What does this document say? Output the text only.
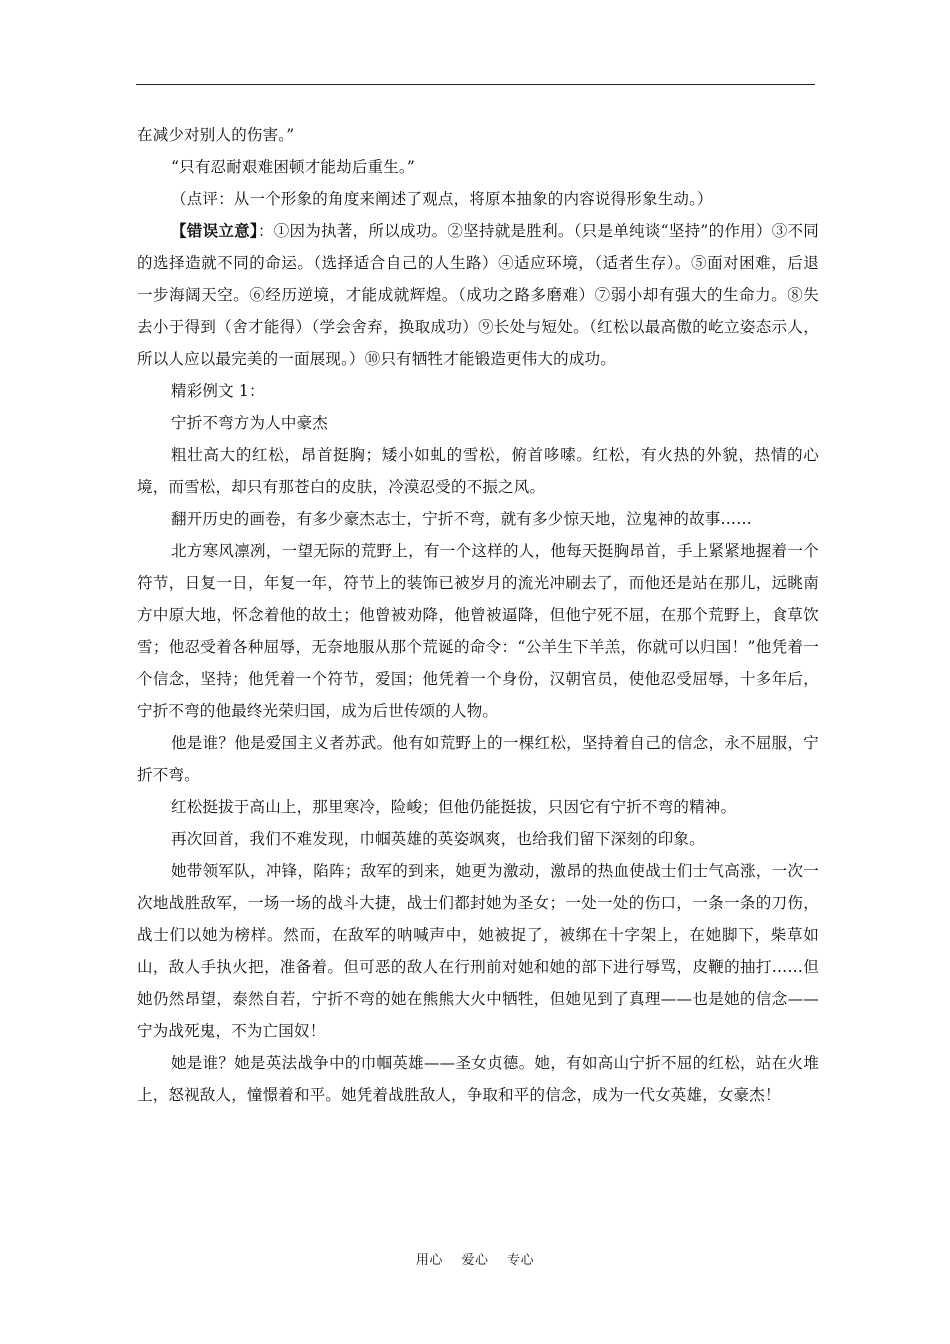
在减少对别人的伤害。”

“只有忍耐艰难困顿才能劫后重生。”

（点评：从一个形象的角度来阐述了观点，将原本抽象的内容说得形象生动。）

【错误立意】：①因为执著，所以成功。②坚持就是胜利。（只是单纯谈“坚持”的作用）③不同的选择造就不同的命运。（选择适合自己的人生路）④适应环境，（适者生存）。⑤面对困难，后退一步海阔天空。⑥经历逆境，才能成就辉煌。（成功之路多磨难）⑦弱小却有强大的生命力。⑧失去小于得到（舍才能得）（学会舍弃，换取成功）⑨长处与短处。（红松以最高傲的屹立姿态示人，所以人应以最完美的一面展现。）⑩只有牺牲才能锻造更伟大的成功。

精彩例文 1：

宁折不弯方为人中豪杰

粗壮高大的红松，昂首挺胸；矮小如虬的雪松，俯首哆嗦。红松，有火热的外貌，热情的心境，而雪松，却只有那苍白的皮肤，冷漠忍受的不振之风。

翻开历史的画卷，有多少豪杰志士，宁折不弯，就有多少惊天地，泣鬼神的故事……

北方寒风凛冽，一望无际的荒野上，有一个这样的人，他每天挺胸昂首，手上紧紧地握着一个符节，日复一日，年复一年，符节上的装饰已被岁月的流光冲刷去了，而他还是站在那儿，远眺南方中原大地，怀念着他的故土；他曾被劝降，他曾被逼降，但他宁死不屈，在那个荒野上，食草饮雪；他忍受着各种屈辱，无奈地服从那个荒诞的命令：“公羊生下羊羔，你就可以归国！”他凭着一个信念，坚持；他凭着一个符节，爱国；他凭着一个身份，汉朝官员，使他忍受屈辱，十多年后，宁折不弯的他最终光荣归国，成为后世传颂的人物。

他是谁？他是爱国主义者苏武。他有如荒野上的一棵红松，坚持着自己的信念，永不屈服，宁折不弯。

红松挺拔于高山上，那里寒冷，险峻；但他仍能挺拔，只因它有宁折不弯的精神。

再次回首，我们不难发现，巾帼英雄的英姿飒爽，也给我们留下深刻的印象。

她带领军队，冲锋，陷阵；敌军的到来，她更为激动，激昂的热血使战士们士气高涨，一次一次地战胜敌军，一场一场的战斗大捷，战士们都封她为圣女；一处一处的伤口，一条一条的刀伤，战士们以她为榜样。然而，在敌军的呐喊声中，她被捉了，被绑在十字架上，在她脚下，柴草如山，敌人手执火把，准备着。但可恶的敌人在行刑前对她和她的部下进行辱骂，皮鞭的抽打……但她仍然昂望，泰然自若，宁折不弯的她在熊熊大火中牺牲，但她见到了真理——也是她的信念——宁为战死鬼，不为亡国奴！

她是谁？她是英法战争中的巾帼英雄——圣女贞德。她，有如高山宁折不屈的红松，站在火堆上，怒视敌人，憧憬着和平。她凭着战胜敌人，争取和平的信念，成为一代女英雄，女豪杰！

用心 爱心 专心
